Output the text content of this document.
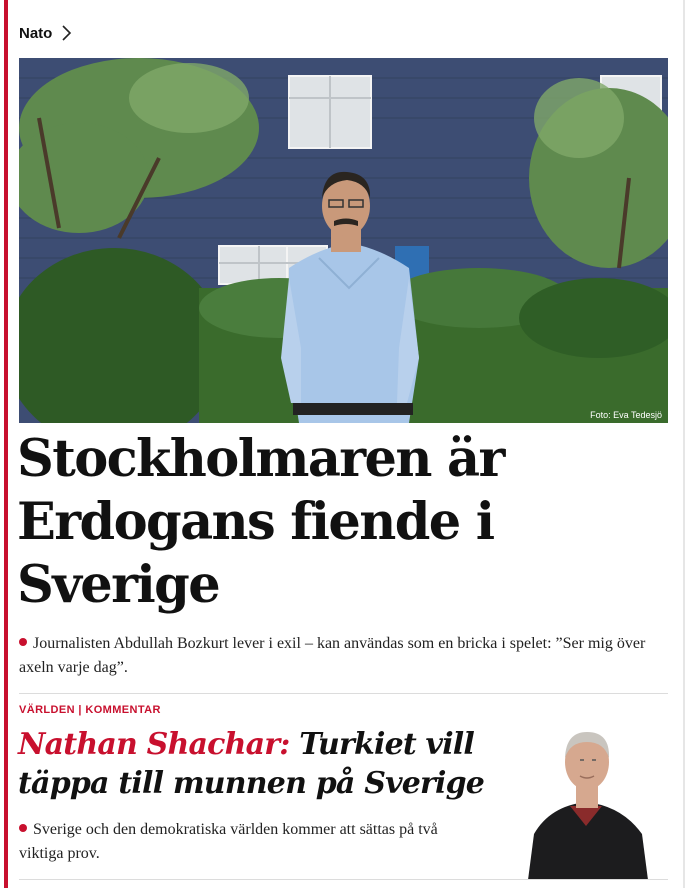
Nato
Foto: Eva Tedesjö
Stockholmaren är Erdogans fiende i Sverige

Journalisten Abdullah Bozkurt lever i exil – kan användas som en bricka i spelet: ”Ser mig över axeln varje dag”.

VÄRLDEN | KOMMENTAR
Nathan Shachar: Turkiet vill täppa till munnen på Sverige

Sverige och den demokratiska världen kommer att sättas på två viktiga prov.
